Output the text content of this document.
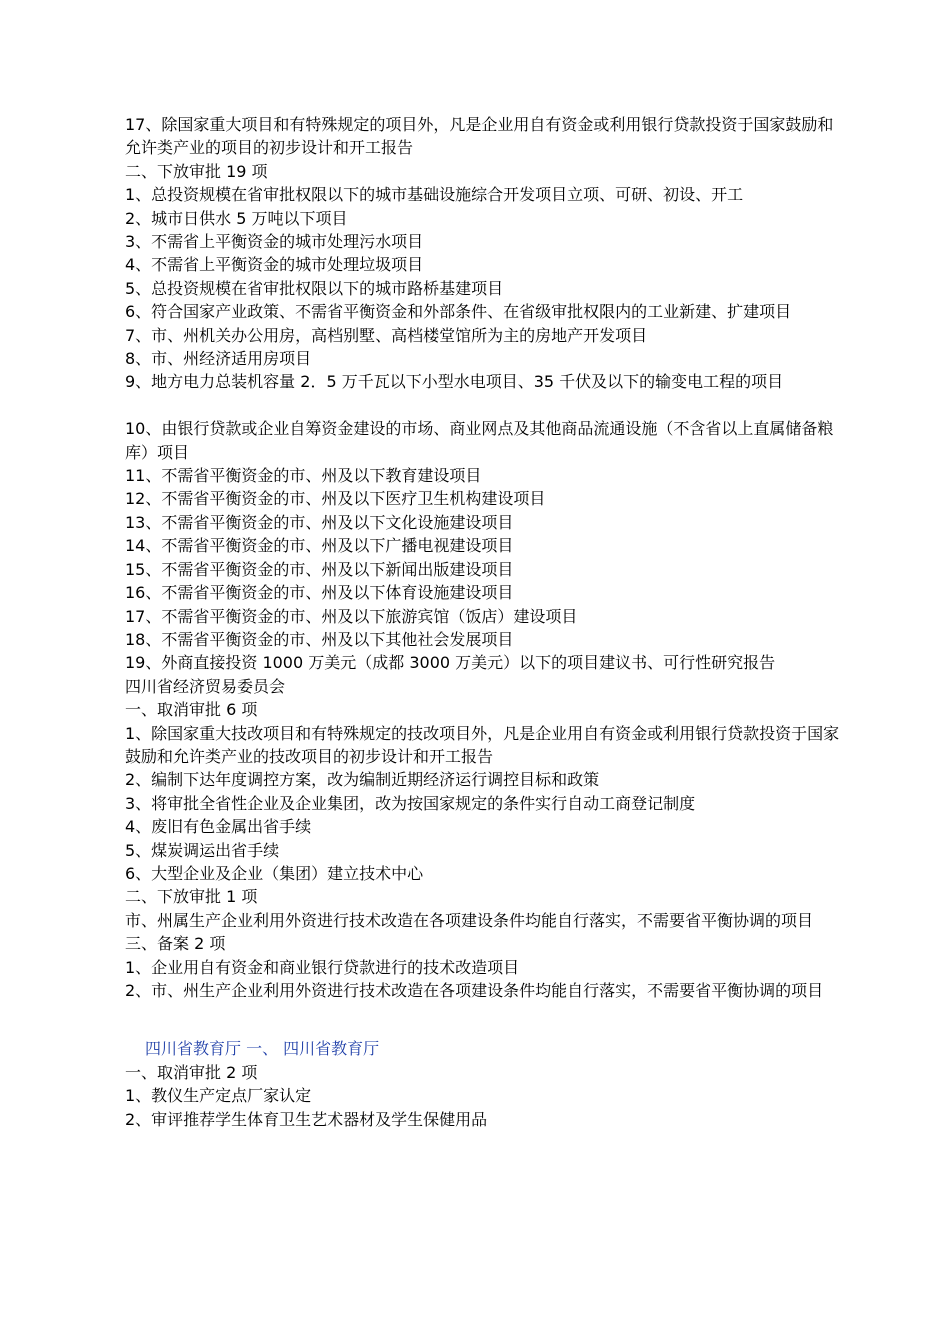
17、除国家重大项目和有特殊规定的项目外，凡是企业用自有资金或利用银行贷款投资于国家鼓励和允许类产业的项目的初步设计和开工报告
二、下放审批 19 项
1、总投资规模在省审批权限以下的城市基础设施综合开发项目立项、可研、初设、开工
2、城市日供水 5 万吨以下项目
3、不需省上平衡资金的城市处理污水项目
4、不需省上平衡资金的城市处理垃圾项目
5、总投资规模在省审批权限以下的城市路桥基建项目
6、符合国家产业政策、不需省平衡资金和外部条件、在省级审批权限内的工业新建、扩建项目
7、市、州机关办公用房，高档别墅、高档楼堂馆所为主的房地产开发项目
8、市、州经济适用房项目
9、地方电力总装机容量 2．5 万千瓦以下小型水电项目、35 千伏及以下的输变电工程的项目
10、由银行贷款或企业自筹资金建设的市场、商业网点及其他商品流通设施（不含省以上直属储备粮库）项目
11、不需省平衡资金的市、州及以下教育建设项目
12、不需省平衡资金的市、州及以下医疗卫生机构建设项目
13、不需省平衡资金的市、州及以下文化设施建设项目
14、不需省平衡资金的市、州及以下广播电视建设项目
15、不需省平衡资金的市、州及以下新闻出版建设项目
16、不需省平衡资金的市、州及以下体育设施建设项目
17、不需省平衡资金的市、州及以下旅游宾馆（饭店）建设项目
18、不需省平衡资金的市、州及以下其他社会发展项目
19、外商直接投资 1000 万美元（成都 3000 万美元）以下的项目建议书、可行性研究报告
四川省经济贸易委员会
一、取消审批 6 项
1、除国家重大技改项目和有特殊规定的技改项目外，凡是企业用自有资金或利用银行贷款投资于国家鼓励和允许类产业的技改项目的初步设计和开工报告
2、编制下达年度调控方案，改为编制近期经济运行调控目标和政策
3、将审批全省性企业及企业集团，改为按国家规定的条件实行自动工商登记制度
4、废旧有色金属出省手续
5、煤炭调运出省手续
6、大型企业及企业（集团）建立技术中心
二、下放审批 1 项
市、州属生产企业利用外资进行技术改造在各项建设条件均能自行落实，不需要省平衡协调的项目
三、备案 2 项
1、企业用自有资金和商业银行贷款进行的技术改造项目
2、市、州生产企业利用外资进行技术改造在各项建设条件均能自行落实，不需要省平衡协调的项目
四川省教育厅 一、 四川省教育厅
一、取消审批 2 项
1、教仪生产定点厂家认定
2、审评推荐学生体育卫生艺术器材及学生保健用品
